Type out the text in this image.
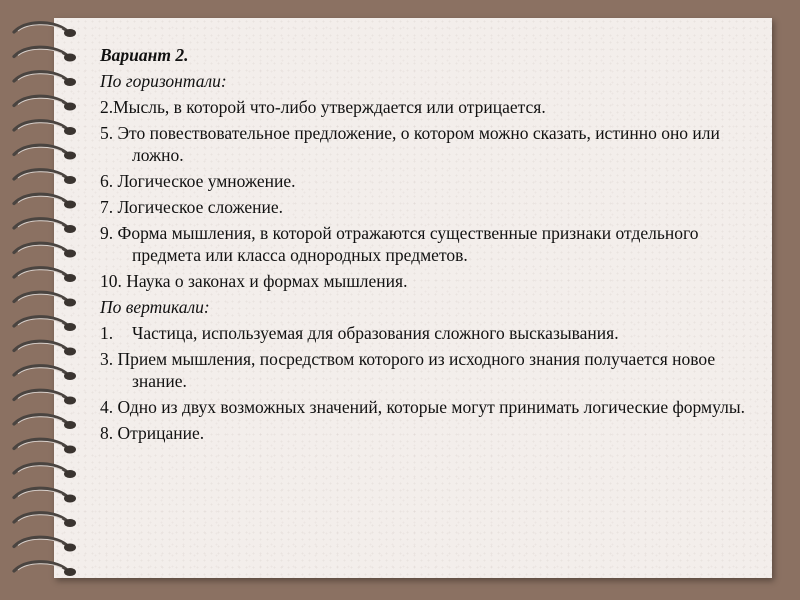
Вариант 2.
По горизонтали:
2.Мысль, в которой что-либо утверждается или отрицается.
5. Это повествовательное предложение, о котором можно сказать, истинно оно или ложно.
6. Логическое умножение.
7. Логическое сложение.
9. Форма мышления, в которой отражаются существенные признаки отдельного предмета или класса однородных предметов.
10. Наука о законах и формах мышления.
По вертикали:
1.	Частица, используемая для образования сложного высказывания.
3. Прием мышления, посредством которого из исходного знания получается новое знание.
4. Одно из двух возможных значений, которые могут принимать логические формулы.
8. Отрицание.
